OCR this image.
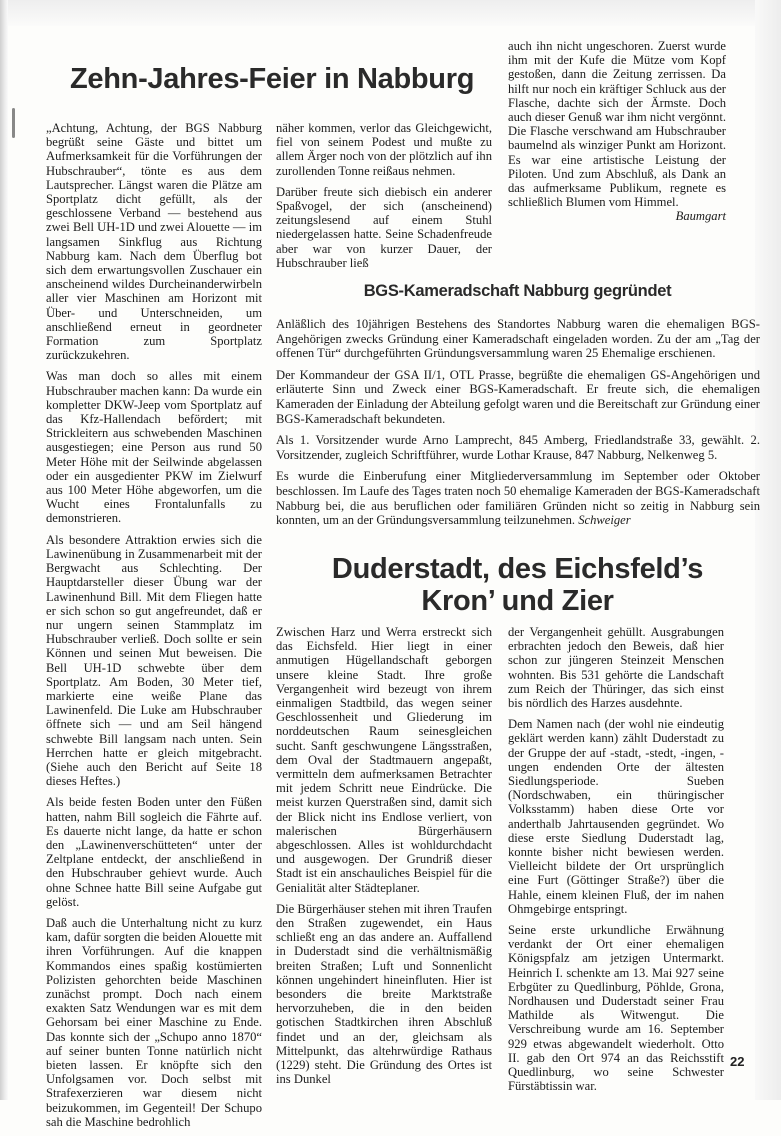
Zehn-Jahres-Feier in Nabburg

„Achtung, Achtung, der BGS Nabburg begrüßt seine Gäste und bittet um Aufmerksamkeit für die Vorführungen der Hubschrauber“, tönte es aus dem Lautsprecher. Längst waren die Plätze am Sportplatz dicht gefüllt, als der geschlossene Verband — bestehend aus zwei Bell UH-1D und zwei Alouette — im langsamen Sinkflug aus Richtung Nabburg kam. Nach dem Überflug bot sich dem erwartungsvollen Zuschauer ein anscheinend wildes Durcheinanderwirbeln aller vier Maschinen am Horizont mit Über- und Unterschneiden, um anschließend erneut in geordneter Formation zum Sportplatz zurückzukehren.

Was man doch so alles mit einem Hubschrauber machen kann: Da wurde ein kompletter DKW-Jeep vom Sportplatz auf das Kfz-Hallendach befördert; mit Strickleitern aus schwebenden Maschinen ausgestiegen; eine Person aus rund 50 Meter Höhe mit der Seilwinde abgelassen oder ein ausgedienter PKW im Zielwurf aus 100 Meter Höhe abgeworfen, um die Wucht eines Frontalunfalls zu demonstrieren.

Als besondere Attraktion erwies sich die Lawinenübung in Zusammenarbeit mit der Bergwacht aus Schlechting. Der Hauptdarsteller dieser Übung war der Lawinenhund Bill. Mit dem Fliegen hatte er sich schon so gut angefreundet, daß er nur ungern seinen Stammplatz im Hubschrauber verließ. Doch sollte er sein Können und seinen Mut beweisen. Die Bell UH-1D schwebte über dem Sportplatz. Am Boden, 30 Meter tief, markierte eine weiße Plane das Lawinenfeld. Die Luke am Hubschrauber öffnete sich — und am Seil hängend schwebte Bill langsam nach unten. Sein Herrchen hatte er gleich mitgebracht. (Siehe auch den Bericht auf Seite 18 dieses Heftes.)

Als beide festen Boden unter den Füßen hatten, nahm Bill sogleich die Fährte auf. Es dauerte nicht lange, da hatte er schon den „Lawinenverschütteten“ unter der Zeltplane entdeckt, der anschließend in den Hubschrauber gehievt wurde. Auch ohne Schnee hatte Bill seine Aufgabe gut gelöst.

Daß auch die Unterhaltung nicht zu kurz kam, dafür sorgten die beiden Alouette mit ihren Vorführungen. Auf die knappen Kommandos eines spaßig kostümierten Polizisten gehorchten beide Maschinen zunächst prompt. Doch nach einem exakten Satz Wendungen war es mit dem Gehorsam bei einer Maschine zu Ende. Das konnte sich der „Schupo anno 1870“ auf seiner bunten Tonne natürlich nicht bieten lassen. Er knöpfte sich den Unfolgsamen vor. Doch selbst mit Strafexerzieren war diesem nicht beizukommen, im Gegenteil! Der Schupo sah die Maschine bedrohlich

näher kommen, verlor das Gleichgewicht, fiel von seinem Podest und mußte zu allem Ärger noch von der plötzlich auf ihn zurollenden Tonne reißaus nehmen.

Darüber freute sich diebisch ein anderer Spaßvogel, der sich (anscheinend) zeitungslesend auf einem Stuhl niedergelassen hatte. Seine Schadenfreude aber war von kurzer Dauer, der Hubschrauber ließ

auch ihn nicht ungeschoren. Zuerst wurde ihm mit der Kufe die Mütze vom Kopf gestoßen, dann die Zeitung zerrissen. Da hilft nur noch ein kräftiger Schluck aus der Flasche, dachte sich der Ärmste. Doch auch dieser Genuß war ihm nicht vergönnt. Die Flasche verschwand am Hubschrauber baumelnd als winziger Punkt am Horizont. Es war eine artistische Leistung der Piloten. Und zum Abschluß, als Dank an das aufmerksame Publikum, regnete es schließlich Blumen vom Himmel.
Baumgart

BGS-Kameradschaft Nabburg gegründet

Anläßlich des 10jährigen Bestehens des Standortes Nabburg waren die ehemaligen BGS-Angehörigen zwecks Gründung einer Kameradschaft eingeladen worden. Zu der am „Tag der offenen Tür“ durchgeführten Gründungsversammlung waren 25 Ehemalige erschienen.

Der Kommandeur der GSA II/1, OTL Prasse, begrüßte die ehemaligen GS-Angehörigen und erläuterte Sinn und Zweck einer BGS-Kameradschaft. Er freute sich, die ehemaligen Kameraden der Einladung der Abteilung gefolgt waren und die Bereitschaft zur Gründung einer BGS-Kameradschaft bekundeten.

Als 1. Vorsitzender wurde Arno Lamprecht, 845 Amberg, Friedlandstraße 33, gewählt. 2. Vorsitzender, zugleich Schriftführer, wurde Lothar Krause, 847 Nabburg, Nelkenweg 5.

Es wurde die Einberufung einer Mitgliederversammlung im September oder Oktober beschlossen. Im Laufe des Tages traten noch 50 ehemalige Kameraden der BGS-Kameradschaft Nabburg bei, die aus beruflichen oder familiären Gründen nicht so zeitig in Nabburg sein konnten, um an der Gründungsversammlung teilzunehmen. Schweiger

Duderstadt, des Eichsfeld’s
Kron’ und Zier

Zwischen Harz und Werra erstreckt sich das Eichsfeld. Hier liegt in einer anmutigen Hügellandschaft geborgen unsere kleine Stadt. Ihre große Vergangenheit wird bezeugt von ihrem einmaligen Stadtbild, das wegen seiner Geschlossenheit und Gliederung im norddeutschen Raum seinesgleichen sucht. Sanft geschwungene Längsstraßen, dem Oval der Stadtmauern angepaßt, vermitteln dem aufmerksamen Betrachter mit jedem Schritt neue Eindrücke. Die meist kurzen Querstraßen sind, damit sich der Blick nicht ins Endlose verliert, von malerischen Bürgerhäusern abgeschlossen. Alles ist wohldurchdacht und ausgewogen. Der Grundriß dieser Stadt ist ein anschauliches Beispiel für die Genialität alter Städteplaner.

Die Bürgerhäuser stehen mit ihren Traufen den Straßen zugewendet, ein Haus schließt eng an das andere an. Auffallend in Duderstadt sind die verhältnismäßig breiten Straßen; Luft und Sonnenlicht können ungehindert hineinfluten. Hier ist besonders die breite Marktstraße hervorzuheben, die in den beiden gotischen Stadtkirchen ihren Abschluß findet und an der, gleichsam als Mittelpunkt, das altehrwürdige Rathaus (1229) steht. Die Gründung des Ortes ist ins Dunkel

der Vergangenheit gehüllt. Ausgrabungen erbrachten jedoch den Beweis, daß hier schon zur jüngeren Steinzeit Menschen wohnten. Bis 531 gehörte die Landschaft zum Reich der Thüringer, das sich einst bis nördlich des Harzes ausdehnte.

Dem Namen nach (der wohl nie eindeutig geklärt werden kann) zählt Duderstadt zu der Gruppe der auf -stadt, -stedt, -ingen, -ungen endenden Orte der ältesten Siedlungsperiode. Sueben (Nordschwaben, ein thüringischer Volksstamm) haben diese Orte vor anderthalb Jahrtausenden gegründet. Wo diese erste Siedlung Duderstadt lag, konnte bisher nicht bewiesen werden. Vielleicht bildete der Ort ursprünglich eine Furt (Göttinger Straße?) über die Hahle, einem kleinen Fluß, der im nahen Ohmgebirge entspringt.

Seine erste urkundliche Erwähnung verdankt der Ort einer ehemaligen Königspfalz am jetzigen Untermarkt. Heinrich I. schenkte am 13. Mai 927 seine Erbgüter zu Quedlinburg, Pöhlde, Grona, Nordhausen und Duderstadt seiner Frau Mathilde als Witwengut. Die Verschreibung wurde am 16. September 929 etwas abgewandelt wiederholt. Otto II. gab den Ort 974 an das Reichsstift Quedlinburg, wo seine Schwester Fürstäbtissin war.

22
